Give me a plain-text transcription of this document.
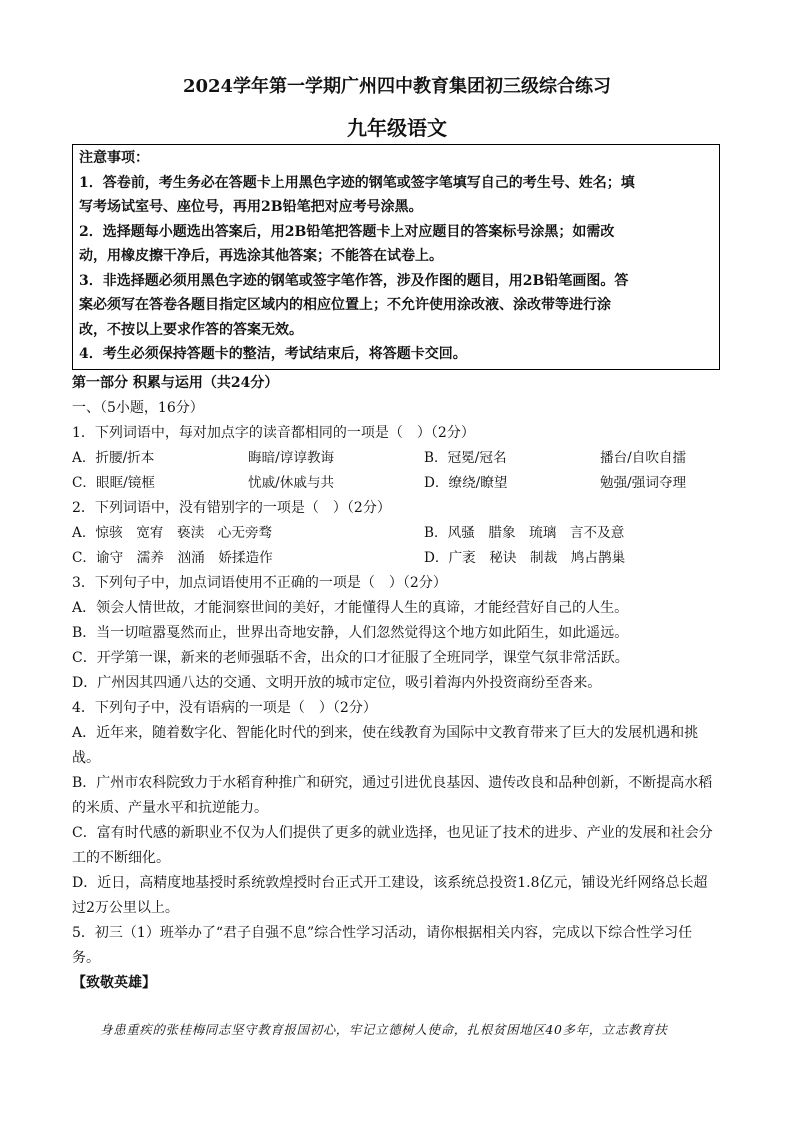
2024学年第一学期广州四中教育集团初三级综合练习
九年级语文
注意事项：
1．答卷前，考生务必在答题卡上用黑色字迹的钢笔或签字笔填写自己的考生号、姓名；填
写考场试室号、座位号，再用2B铅笔把对应考号涂黑。
2．选择题每小题选出答案后，用2B铅笔把答题卡上对应题目的答案标号涂黑；如需改
动，用橡皮擦干净后，再选涂其他答案；不能答在试卷上。
3．非选择题必须用黑色字迹的钢笔或签字笔作答，涉及作图的题目，用2B铅笔画图。答
案必须写在答卷各题目指定区域内的相应位置上；不允许使用涂改液、涂改带等进行涂
改，不按以上要求作答的答案无效。
4．考生必须保持答题卡的整洁，考试结束后，将答题卡交回。
第一部分 积累与运用（共24分）
一、（5小题，16分）
1．下列词语中，每对加点字的读音都相同的一项是（　）（2分）
A．折腰/折本	晦暗/谆谆教诲	B．冠冕/冠名	播台/自吹自擂
C．眼眶/镜框	忧戚/休戚与共	D．缭绕/瞭望	勉强/强词夺理
2．下列词语中，没有错别字的一项是（　）（2分）
A．惊骇　宽宥　亵渎　心无旁骛	B．风骚　腊象　琉璃　言不及意
C．谕守　濡养　汹涌　娇揉造作	D．广袤　秘诀　制裁　鸠占鹊巢
3．下列句子中，加点词语使用不正确的一项是（　）（2分）
A．领会人情世故，才能洞察世间的美好，才能懂得人生的真谛，才能经营好自己的人生。
B．当一切喧嚣戛然而止，世界出奇地安静，人们忽然觉得这个地方如此陌生，如此遥远。
C．开学第一课，新来的老师强聒不舍，出众的口才征服了全班同学，课堂气氛非常活跃。
D．广州因其四通八达的交通、文明开放的城市定位，吸引着海内外投资商纷至沓来。
4．下列句子中，没有语病的一项是（　）（2分）
A．近年来，随着数字化、智能化时代的到来，使在线教育为国际中文教育带来了巨大的发展机遇和挑
战。
B．广州市农科院致力于水稻育种推广和研究，通过引进优良基因、遗传改良和品种创新，不断提高水稻
的米质、产量水平和抗逆能力。
C．富有时代感的新职业不仅为人们提供了更多的就业选择，也见证了技术的进步、产业的发展和社会分
工的不断细化。
D．近日，高精度地基授时系统敦煌授时台正式开工建设，该系统总投资1.8亿元，铺设光纤网络总长超
过2万公里以上。
5．初三（1）班举办了“君子自强不息”综合性学习活动，请你根据相关内容，完成以下综合性学习任
务。
【致敬英雄】
身患重疾的张桂梅同志坚守教育报国初心，牢记立德树人使命，扎根贫困地区40多年，立志教育扶
